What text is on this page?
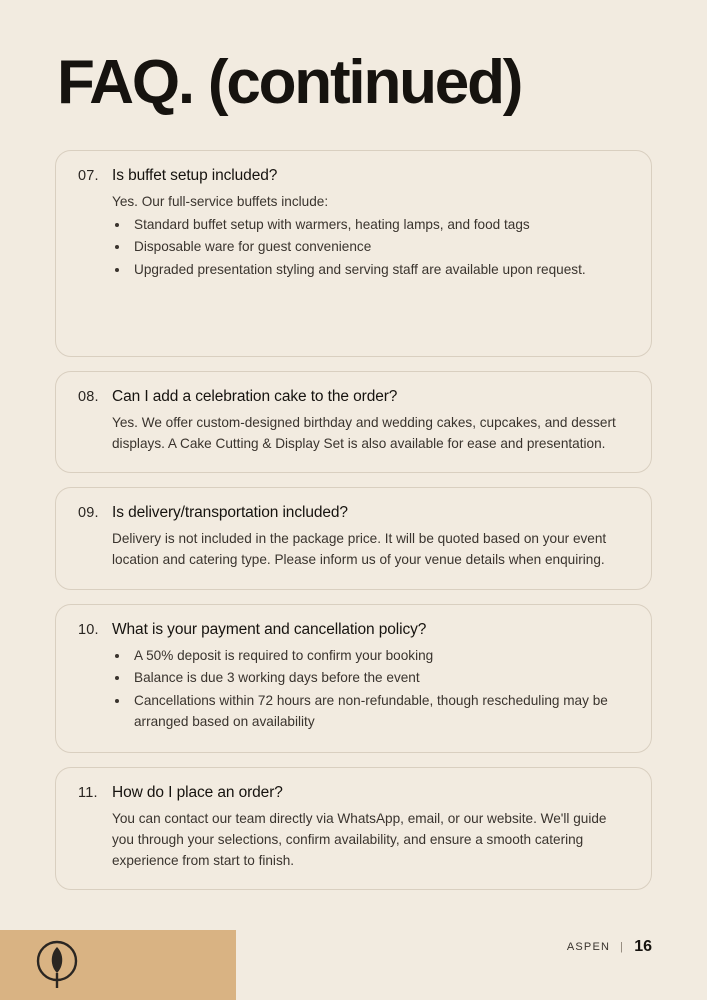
FAQ. (continued)
07. Is buffet setup included?
Yes. Our full-service buffets include:
• Standard buffet setup with warmers, heating lamps, and food tags
• Disposable ware for guest convenience
• Upgraded presentation styling and serving staff are available upon request.
08. Can I add a celebration cake to the order?
Yes. We offer custom-designed birthday and wedding cakes, cupcakes, and dessert displays. A Cake Cutting & Display Set is also available for ease and presentation.
09. Is delivery/transportation included?
Delivery is not included in the package price. It will be quoted based on your event location and catering type. Please inform us of your venue details when enquiring.
10. What is your payment and cancellation policy?
• A 50% deposit is required to confirm your booking
• Balance is due 3 working days before the event
• Cancellations within 72 hours are non-refundable, though rescheduling may be arranged based on availability
11. How do I place an order?
You can contact our team directly via WhatsApp, email, or our website. We'll guide you through your selections, confirm availability, and ensure a smooth catering experience from start to finish.
ASPEN | 16
